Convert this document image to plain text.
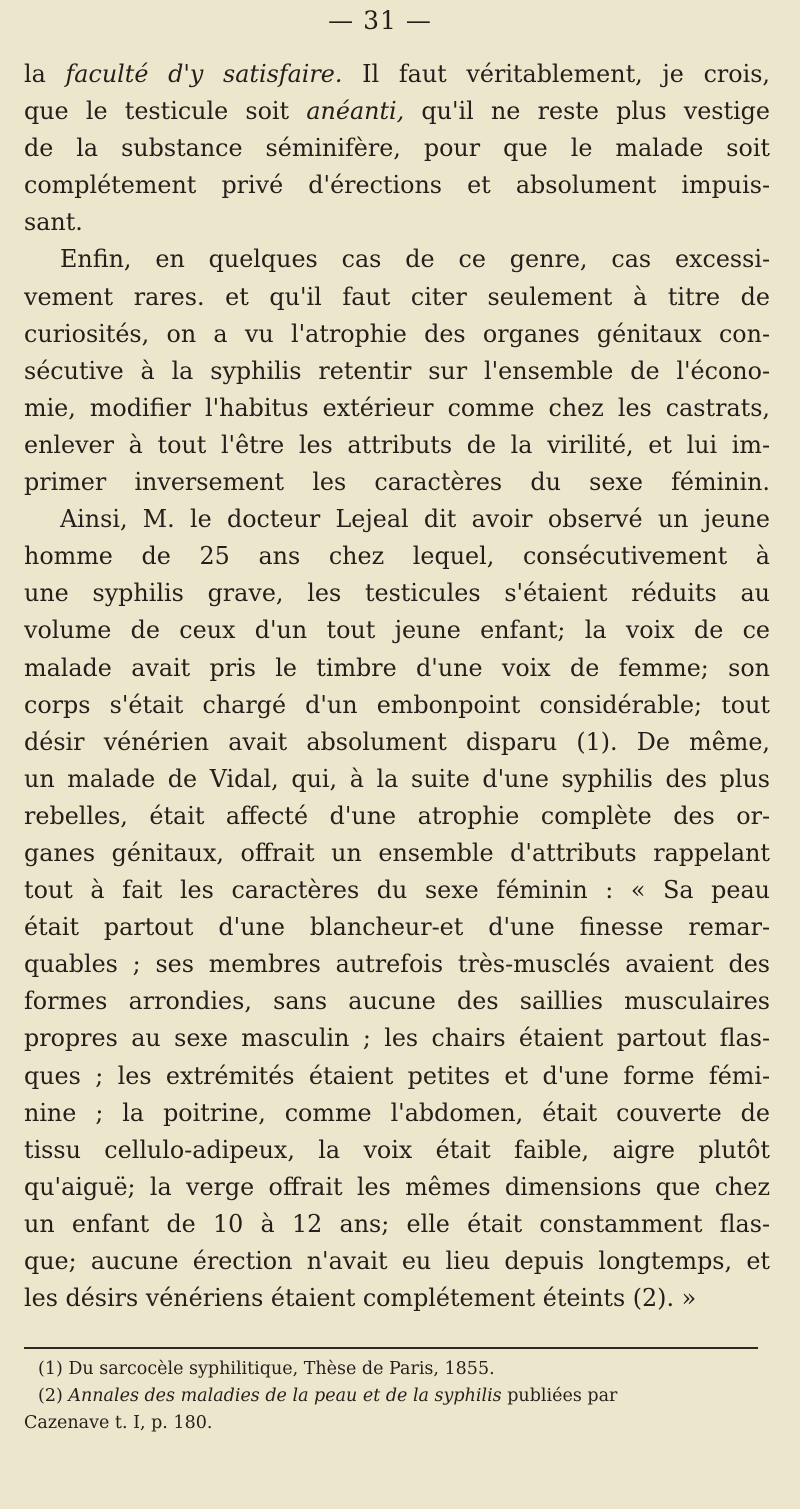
— 31 —
la faculté d'y satisfaire. Il faut véritablement, je crois,
que le testicule soit anéanti, qu'il ne reste plus vestige
de la substance séminifère, pour que le malade soit
complétement privé d'érections et absolument impuis-
sant.
Enfin, en quelques cas de ce genre, cas excessi-
vement rares. et qu'il faut citer seulement à titre de
curiosités, on a vu l'atrophie des organes génitaux con-
sécutive à la syphilis retentir sur l'ensemble de l'écono-
mie, modifier l'habitus extérieur comme chez les castrats,
enlever à tout l'être les attributs de la virilité, et lui im-
primer inversement les caractères du sexe féminin.
Ainsi, M. le docteur Lejeal dit avoir observé un jeune
homme de 25 ans chez lequel, consécutivement à
une syphilis grave, les testicules s'étaient réduits au
volume de ceux d'un tout jeune enfant; la voix de ce
malade avait pris le timbre d'une voix de femme; son
corps s'était chargé d'un embonpoint considérable; tout
désir vénérien avait absolument disparu (1). De même,
un malade de Vidal, qui, à la suite d'une syphilis des plus
rebelles, était affecté d'une atrophie complète des or-
ganes génitaux, offrait un ensemble d'attributs rappelant
tout à fait les caractères du sexe féminin : « Sa peau
était partout d'une blancheur-et d'une finesse remar-
quables ; ses membres autrefois très-musclés avaient des
formes arrondies, sans aucune des saillies musculaires
propres au sexe masculin ; les chairs étaient partout flas-
ques ; les extrémités étaient petites et d'une forme fémi-
nine ; la poitrine, comme l'abdomen, était couverte de
tissu cellulo-adipeux, la voix était faible, aigre plutôt
qu'aiguë; la verge offrait les mêmes dimensions que chez
un enfant de 10 à 12 ans; elle était constamment flas-
que; aucune érection n'avait eu lieu depuis longtemps, et
les désirs vénériens étaient complétement éteints (2). »
(1) Du sarcocèle syphilitique, Thèse de Paris, 1855.
(2) Annales des maladies de la peau et de la syphilis publiées par
Cazenave t. I, p. 180.
